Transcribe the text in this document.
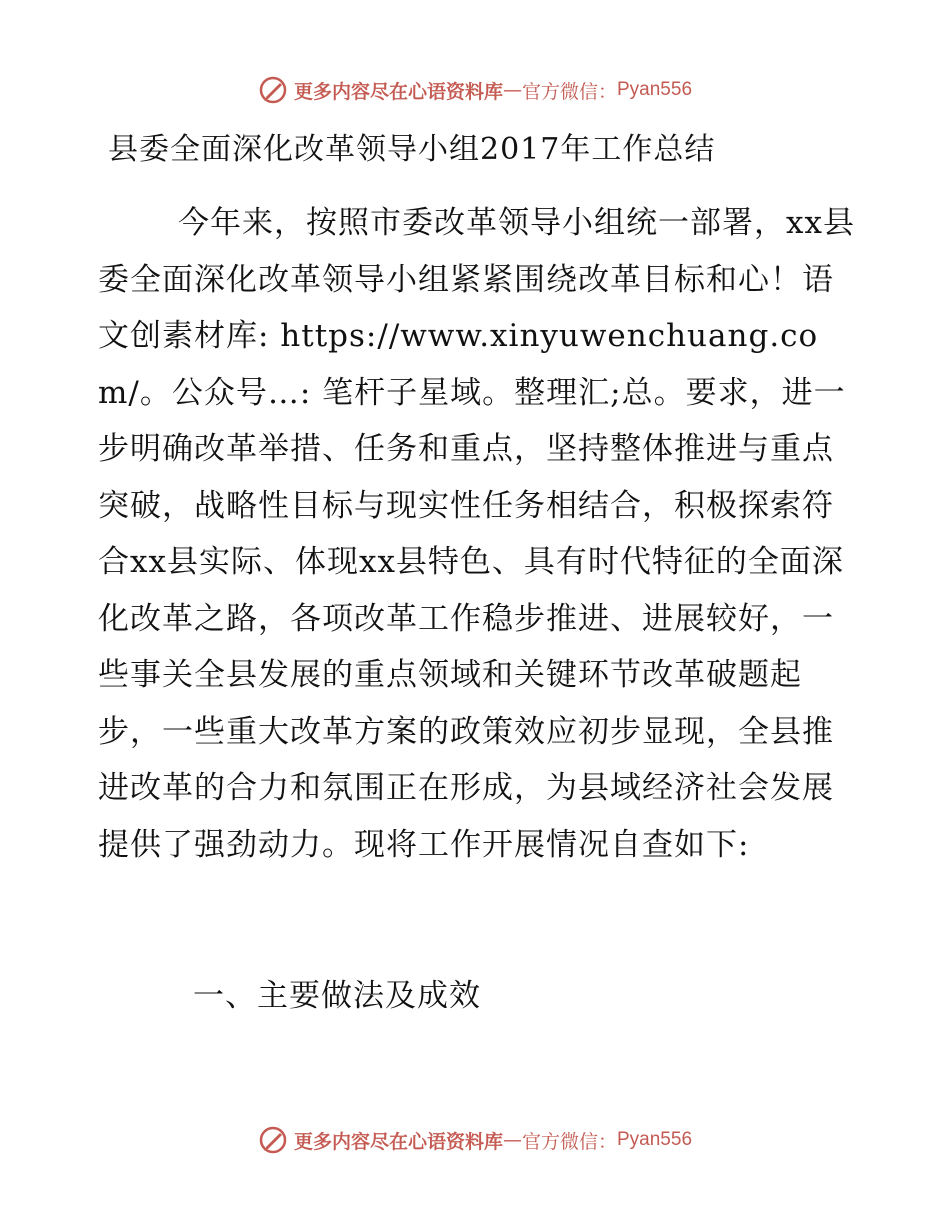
更多内容尽在心语资料库 — 官方微信： Pyan556
县委全面深化改革领导小组2017年工作总结

今年来，按照市委改革领导小组统一部署，xx县委全面深化改革领导小组紧紧围绕改革目标和心！语文创素材库: https://www.xinyuwenchuang.com/。公众号…: 笔杆子星域。整理汇;总。要求，进一步明确改革举措、任务和重点，坚持整体推进与重点突破，战略性目标与现实性任务相结合，积极探索符合xx县实际、体现xx县特色、具有时代特征的全面深化改革之路，各项改革工作稳步推进、进展较好，一些事关全县发展的重点领域和关键环节改革破题起步，一些重大改革方案的政策效应初步显现，全县推进改革的合力和氛围正在形成，为县域经济社会发展提供了强劲动力。现将工作开展情况自查如下:

一、主要做法及成效
更多内容尽在心语资料库 — 官方微信： Pyan556
